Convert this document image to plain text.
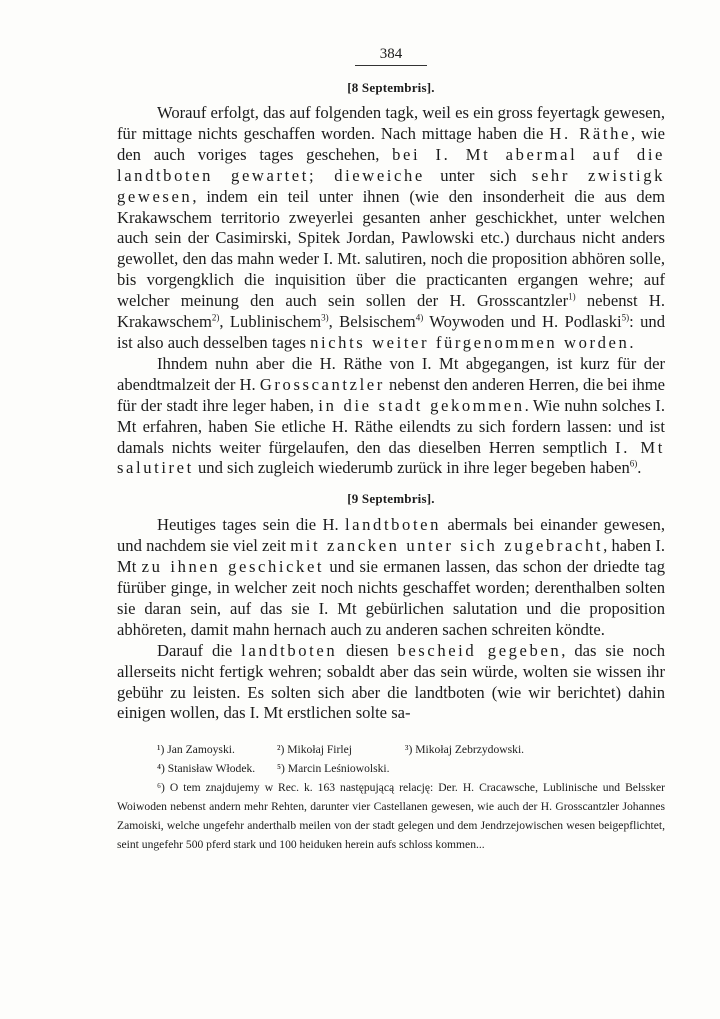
384
[8 Septembris].

Worauf erfolgt, das auf folgenden tagk, weil es ein gross feyertagk gewesen, für mittage nichts geschaffen worden. Nach mittage haben die H. Räthe, wie den auch voriges tages geschehen, bei I. Mt abermal auf die landtboten gewartet; dieweiche unter sich sehr zwistigk gewesen, indem ein teil unter ihnen (wie den insonderheit die aus dem Krakawschem territorio zweyerlei gesanten anher geschickhet, unter welchen auch sein der Casimirski, Spitek Jordan, Pawlowski etc.) durchaus nicht anders gewollet, den das mahn weder I. Mt. salutiren, noch die proposition abhören solle, bis vorgengklich die inquisition über die practicanten ergangen wehre; auf welcher meinung den auch sein sollen der H. Grosscantzler$^{1)}$ nebenst H. Krakawschem$^{2)}$, Lublinischem$^{3)}$, Belsischem$^{4)}$ Woywoden und H. Podlaski$^{5)}$: und ist also auch desselben tages nichts weiter fürgenommen worden.

Ihndem nuhn aber die H. Räthe von I. Mt abgegangen, ist kurz für der abendtmalzeit der H. Grosscantzler nebenst den anderen Herren, die bei ihme für der stadt ihre leger haben, in die stadt gekommen. Wie nuhn solches I. Mt erfahren, haben Sie etliche H. Räthe eilendts zu sich fordern lassen: und ist damals nichts weiter fürgelaufen, den das dieselben Herren semptlich I. Mt salutiret und sich zugleich wiederumb zurück in ihre leger begeben haben$^{6)}$.

[9 Septembris].

Heutiges tages sein die H. landtboten abermals bei einander gewesen, und nachdem sie viel zeit mit zancken unter sich zugebracht, haben I. Mt zu ihnen geschicket und sie ermanen lassen, das schon der driedte tag fürüber ginge, in welcher zeit noch nichts geschaffet worden; derenthalben solten sie daran sein, auf das sie I. Mt gebürlichen salutation und die proposition abhöreten, damit mahn hernach auch zu anderen sachen schreiten köndte.

Darauf die landtboten diesen bescheid gegeben, das sie noch allerseits nicht fertigk wehren; sobaldt aber das sein würde, wolten sie wissen ihr gebühr zu leisten. Es solten sich aber die landtboten (wie wir berichtet) dahin einigen wollen, das I. Mt erstlichen solte sa-

¹) Jan Zamoyski.	²) Mikołaj Firlej	³) Mikołaj Zebrzydowski.
⁴) Stanisław Włodek.	⁵) Marcin Leśniowolski.

⁶) O tem znajdujemy w Rec. k. 163 następującą relację: Der. H. Cracawsche, Lublinische und Belssker Woiwoden nebenst andern mehr Rehten, darunter vier Castellanen gewesen, wie auch der H. Grosscantzler Johannes Zamoiski, welche ungefehr anderthalb meilen von der stadt gelegen und dem Jendrzejowischen wesen beigepflichtet, seint ungefehr 500 pferd stark und 100 heiduken herein aufs schloss kommen...
